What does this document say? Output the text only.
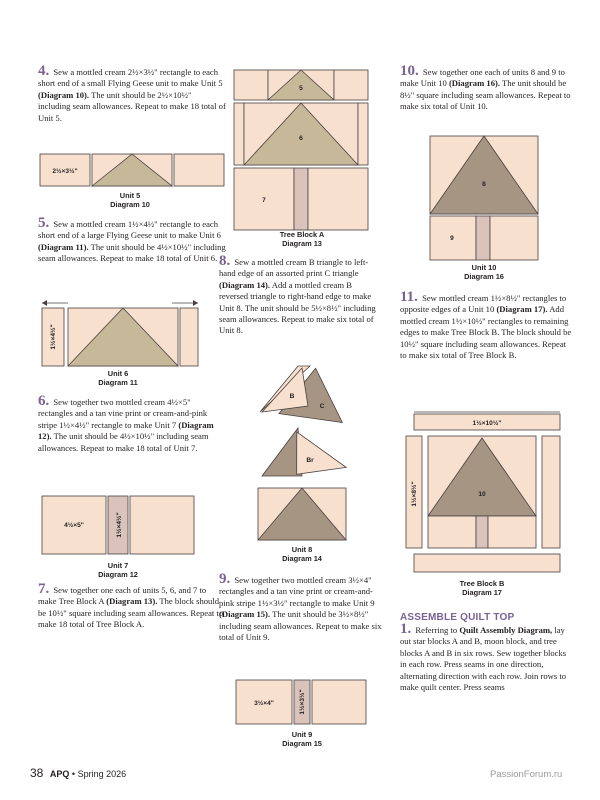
4. Sew a mottled cream 2½×3½" rectangle to each short end of a small Flying Geese unit to make Unit 5 (Diagram 10). The unit should be 2½×10½" including seam allowances. Repeat to make 18 total of Unit 5.

2½×3½"
Unit 5
Diagram 10

5. Sew a mottled cream 1½×4½" rectangle to each short end of a large Flying Geese unit to make Unit 6 (Diagram 11). The unit should be 4½×10½" including seam allowances. Repeat to make 18 total of Unit 6.

1½×4½"
Unit 6
Diagram 11

6. Sew together two mottled cream 4½×5" rectangles and a tan vine print or cream-and-pink stripe 1½×4½" rectangle to make Unit 7 (Diagram 12). The unit should be 4½×10½" including seam allowances. Repeat to make 18 total of Unit 7.

4½×5"	1½×4½"
Unit 7
Diagram 12

7. Sew together one each of units 5, 6, and 7 to make Tree Block A (Diagram 13). The block should be 10½" square including seam allowances. Repeat to make 18 total of Tree Block A.

5
6
7
Tree Block A
Diagram 13

8. Sew a mottled cream B triangle to left-hand edge of an assorted print C triangle (Diagram 14). Add a mottled cream B reversed triangle to right-hand edge to make Unit 8. The unit should be 5½×8½" including seam allowances. Repeat to make six total of Unit 8.

B
C
Br
Unit 8
Diagram 14

9. Sew together two mottled cream 3½×4" rectangles and a tan vine print or cream-and-pink stripe 1½×3½" rectangle to make Unit 9 (Diagram 15). The unit should be 3½×8½" including seam allowances. Repeat to make six total of Unit 9.

3½×4"	1½×3½"
Unit 9
Diagram 15

10. Sew together one each of units 8 and 9 to make Unit 10 (Diagram 16). The unit should be 8½" square including seam allowances. Repeat to make six total of Unit 10.

8
9
Unit 10
Diagram 16

11. Sew mottled cream 1½×8½" rectangles to opposite edges of a Unit 10 (Diagram 17). Add mottled cream 1½×10½" rectangles to remaining edges to make Tree Block B. The block should be 10½" square including seam allowances. Repeat to make six total of Tree Block B.

1½×10½"
1½×8½"	10
Tree Block B
Diagram 17
ASSEMBLE QUILT TOP

1. Referring to Quilt Assembly Diagram, lay out star blocks A and B, moon block, and tree blocks A and B in six rows. Sew together blocks in each row. Press seams in one direction, alternating direction with each row. Join rows to make quilt center. Press seams

38 APQ • Spring 2026	PassionForum.ru
